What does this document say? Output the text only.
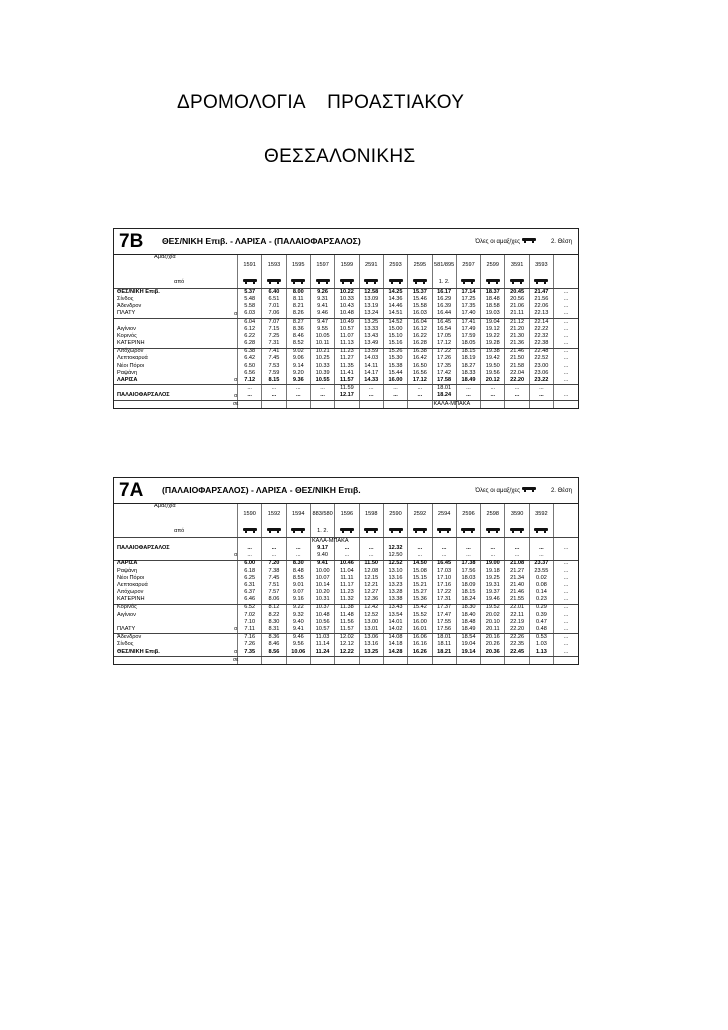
ΔΡΟΜΟΛΟΓΙΑ    ΠΡΟΑΣΤΙΑΚΟΥ
ΘΕΣΣΑΛΟΝΙΚΗΣ
7B ΘΕΣ/ΝΙΚΗ Επιβ. - ΛΑΡΙΣΑ - (ΠΑΛΑΙΟΦΑΡΣΑΛΟΣ)	Όλες οι αμαξ/χες	2. Θέση
Αμαξ/χία		1591	1593	1595	1597	1599	2591	2593	2595	581/895	2597	2599	3591	3593	
από										1. 2.					
ΘΕΣ/ΝΙΚΗ Επιβ.		5.37	6.40	8.00	9.26	10.22	12.58	14.25	15.37	16.17	17.14	18.37	20.45	21.47	...
Σίνδος		5.48	6.51	8.11	9.31	10.33	13.09	14.36	15.46	16.29	17.25	18.48	20.56	21.56	...
Άδενδρον		5.58	7.01	8.21	9.41	10.43	13.19	14.46	15.58	16.39	17.35	18.58	21.06	22.06	...
ΠΛΑΤΥ	α	6.03	7.06	8.26	9.46	10.48	13.24	14.51	16.03	16.44	17.40	19.03	21.11	22.13	...
		6.04	7.07	8.27	9.47	10.49	13.25	14.52	16.04	16.45	17.41	19.04	21.12	22.14	...
Αιγίνιον		6.12	7.15	8.36	9.55	10.57	13.33	15.00	16.12	16.54	17.49	19.12	21.20	22.22	...
Κορινός		6.22	7.25	8.46	10.05	11.07	13.43	15.10	16.22	17.05	17.59	19.22	21.30	22.32	...
ΚΑΤΕΡΙΝΗ		6.28	7.31	8.52	10.11	11.13	13.49	15.16	16.28	17.12	18.05	19.28	21.36	22.38	...
Λιτόχωρον		6.38	7.41	9.02	10.21	11.23	13.59	15.26	16.38	17.22	18.15	19.38	21.46	22.48	...
Λεπτοκαρυά		6.42	7.45	9.06	10.25	11.27	14.03	15.30	16.42	17.26	18.19	19.42	21.50	22.52	...
Νέοι Πόροι		6.50	7.53	9.14	10.33	11.35	14.11	15.38	16.50	17.35	18.27	19.50	21.58	23.00	...
Ραψάνη		6.56	7.59	9.20	10.39	11.41	14.17	15.44	16.56	17.42	18.33	19.56	22.04	23.06	...
ΛΑΡΙΣΑ	α	7.12	8.15	9.36	10.55	11.57	14.33	16.00	17.12	17.58	18.49	20.12	22.20	23.22	...
		...	...	...	...	11.59	...	...	...	18.01	...	...	...	...	
ΠΑΛΑΙΟΦΑΡΣΑΛΟΣ	α	...	...	...	...	12.17	...	...	...	18.24	...	...	...	...	...
	σε									ΚΑΛΑ-ΜΠΑΚΑ					
7A (ΠΑΛΑΙΟΦΑΡΣΑΛΟΣ) - ΛΑΡΙΣΑ - ΘΕΣ/ΝΙΚΗ Επιβ.	Όλες οι αμαξ/χες	2. Θέση
Αμαξ/χία		1590	1592	1594	883/580	1596	1598	2590	2592	2594	2596	2598	3590	3592	
από					1. 2.										
					ΚΑΛΑ-ΜΠΑΚΑ										
ΠΑΛΑΙΟΦΑΡΣΑΛΟΣ		...	...	...	9.17	...	...	12.32	...	...	...	...	...	...	...
	α	...	...	...	9.40	...	...	12.50	...	...	...	...	...	...	
ΛΑΡΙΣΑ		6.00	7.20	8.30	9.41	10.46	11.50	12.52	14.50	16.45	17.38	19.00	21.08	23.37	...
Ραψάνη		6.18	7.38	8.48	10.00	11.04	12.08	13.10	15.08	17.03	17.56	19.18	21.27	23.55	...
Νέοι Πόροι		6.25	7.45	8.55	10.07	11.11	12.15	13.16	15.15	17.10	18.03	19.25	21.34	0.02	...
Λεπτοκαρυά		6.31	7.51	9.01	10.14	11.17	12.21	13.23	15.21	17.16	18.09	19.31	21.40	0.08	...
Λιτόχωρον		6.37	7.57	9.07	10.20	11.23	12.27	13.28	15.27	17.22	18.15	19.37	21.46	0.14	...
ΚΑΤΕΡΙΝΗ		6.46	8.06	9.16	10.31	11.32	12.36	13.38	15.36	17.31	18.24	19.46	21.55	0.23	...
Κορινός		6.52	8.12	9.22	10.37	11.38	12.42	13.43	15.42	17.37	18.30	19.52	22.01	0.29	...
Αιγίνιον		7.02	8.22	9.32	10.48	11.48	12.52	13.54	15.52	17.47	18.40	20.02	22.11	0.39	...
		7.10	8.30	9.40	10.56	11.56	13.00	14.01	16.00	17.55	18.48	20.10	22.19	0.47	...
ΠΛΑΤΥ	α	7.11	8.31	9.41	10.57	11.57	13.01	14.02	16.01	17.56	18.49	20.11	22.20	0.48	...
Άδενδρον		7.16	8.36	9.46	11.03	12.02	13.06	14.08	16.06	18.01	18.54	20.16	22.26	0.53	...
Σίνδος		7.26	8.46	9.56	11.14	12.12	13.16	14.18	16.16	18.11	19.04	20.26	22.35	1.03	...
ΘΕΣ/ΝΙΚΗ Επιβ.	α	7.35	8.56	10.06	11.24	12.22	13.25	14.28	16.26	18.21	19.14	20.36	22.45	1.13	...
	σε														
